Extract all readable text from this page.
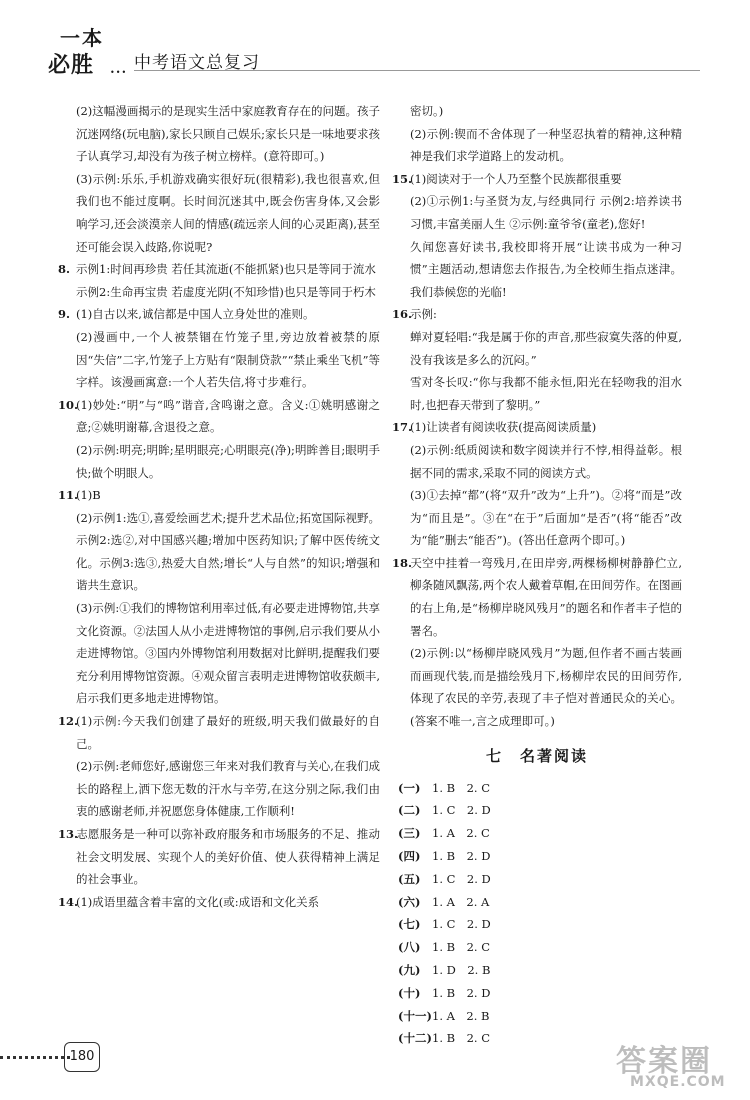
一本
必胜 ••• 中考语文总复习

(2)这幅漫画揭示的是现实生活中家庭教育存在的问题。孩子沉迷网络(玩电脑),家长只顾自己娱乐;家长只是一味地要求孩子认真学习,却没有为孩子树立榜样。(意符即可。)

(3)示例:乐乐,手机游戏确实很好玩(很精彩),我也很喜欢,但我们也不能过度啊。长时间沉迷其中,既会伤害身体,又会影响学习,还会淡漠亲人间的情感(疏远亲人间的心灵距离),甚至还可能会误入歧路,你说呢?

8. 示例1:时间再珍贵 若任其流逝(不能抓紧)也只是等同于流水

示例2:生命再宝贵 若虚度光阴(不知珍惜)也只是等同于朽木

9. (1)自古以来,诚信都是中国人立身处世的准则。

(2)漫画中,一个人被禁锢在竹笼子里,旁边放着被禁的原因“失信”二字,竹笼子上方贴有“限制贷款”“禁止乘坐飞机”等字样。该漫画寓意:一个人若失信,将寸步难行。

10.(1)妙处:“明”与“鸣”谐音,含鸣谢之意。含义:①姚明感谢之意;②姚明谢幕,含退役之意。

(2)示例:明亮;明眸;星明眼亮;心明眼亮(净);明眸善目;眼明手快;做个明眼人。

11.(1)B

(2)示例1:选①,喜爱绘画艺术;提升艺术品位;拓宽国际视野。示例2:选②,对中国感兴趣;增加中医药知识;了解中医传统文化。示例3:选③,热爱大自然;增长“人与自然”的知识;增强和谐共生意识。

(3)示例:①我们的博物馆利用率过低,有必要走进博物馆,共享文化资源。②法国人从小走进博物馆的事例,启示我们要从小走进博物馆。③国内外博物馆利用数据对比鲜明,提醒我们要充分利用博物馆资源。④观众留言表明走进博物馆收获颇丰,启示我们更多地走进博物馆。

12.(1)示例:今天我们创建了最好的班级,明天我们做最好的自己。

(2)示例:老师您好,感谢您三年来对我们教育与关心,在我们成长的路程上,洒下您无数的汗水与辛劳,在这分别之际,我们由衷的感谢老师,并祝愿您身体健康,工作顺利!

13.志愿服务是一种可以弥补政府服务和市场服务的不足、推动社会文明发展、实现个人的美好价值、使人获得精神上满足的社会事业。

14.(1)成语里蕴含着丰富的文化(或:成语和文化关系

密切。)

(2)示例:锲而不舍体现了一种坚忍执着的精神,这种精神是我们求学道路上的发动机。

15.(1)阅读对于一个人乃至整个民族都很重要

(2)①示例1:与圣贤为友,与经典同行 示例2:培养读书习惯,丰富美丽人生 ②示例:童爷爷(童老),您好!

久闻您喜好读书,我校即将开展“让读书成为一种习惯”主题活动,想请您去作报告,为全校师生指点迷津。我们恭候您的光临!

16.示例:

蝉对夏轻唱:“我是属于你的声音,那些寂寞失落的仲夏,没有我该是多么的沉闷。”

雪对冬长叹:“你与我都不能永恒,阳光在轻吻我的泪水时,也把春天带到了黎明。”

17.(1)让读者有阅读收获(提高阅读质量)

(2)示例:纸质阅读和数字阅读并行不悖,相得益彰。根据不同的需求,采取不同的阅读方式。

(3)①去掉“都”(将“双升”改为“上升”)。②将“而是”改为“而且是”。③在“在于”后面加“是否”(将“能否”改为“能”删去“能否”)。(答出任意两个即可。)

18.天空中挂着一弯残月,在田岸旁,两棵杨柳树静静伫立,柳条随风飘荡,两个农人戴着草帽,在田间劳作。在图画的右上角,是“杨柳岸晓风残月”的题名和作者丰子恺的署名。

(2)示例:以“杨柳岸晓风残月”为题,但作者不画古装画而画现代装,而是描绘残月下,杨柳岸农民的田间劳作,体现了农民的辛劳,表现了丰子恺对普通民众的关心。(答案不唯一,言之成理即可。)

七　名著阅读

(一) 1. B　2. C

(二) 1. C　2. D

(三) 1. A　2. C

(四) 1. B　2. D

(五) 1. C　2. D

(六) 1. A　2. A

(七) 1. C　2. D

(八) 1. B　2. C

(九) 1. D　2. B

(十) 1. B　2. D

(十一)1. A　2. B

(十二)1. B　2. C

180	答案圈
MXQE.COM
